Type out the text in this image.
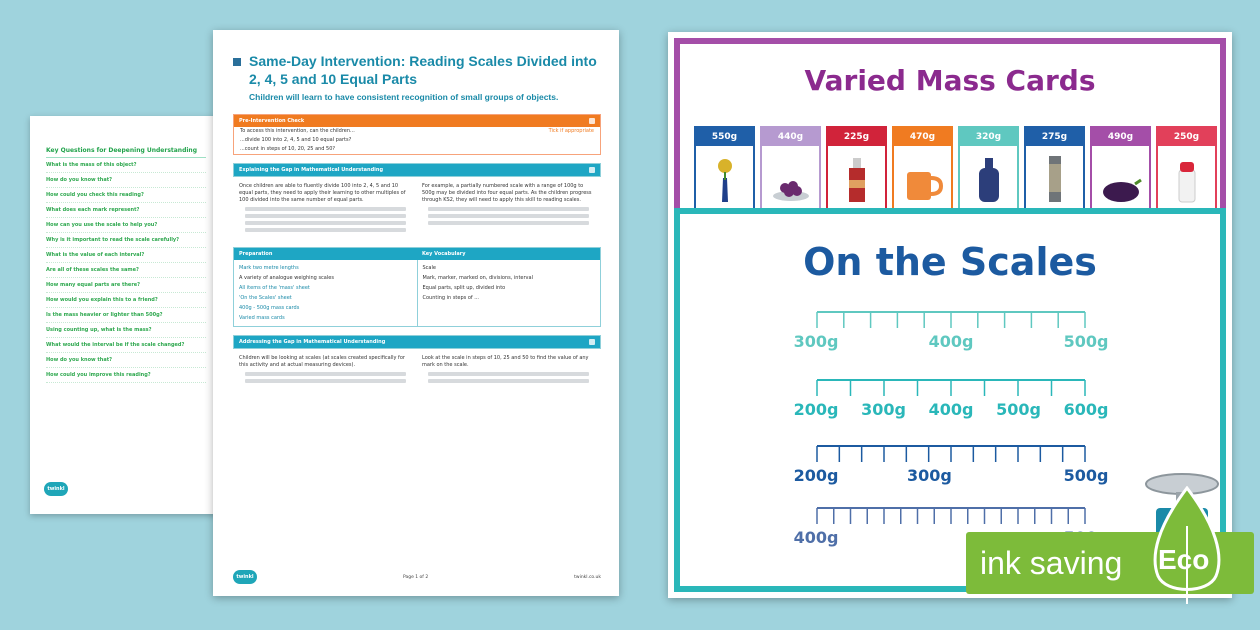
Key Questions for Deepening Understanding
What is the mass of this object?
How do you know that?
How could you check this reading?
What does each mark represent?
How can you use the scale to help you?
Why is it important to read the scale carefully?
What is the value of each interval?
Are all of these scales the same?
How many equal parts are there?
How would you explain this to a friend?
Is the mass heavier or lighter than 500g?
Using counting up, what is the mass?
What would the interval be if the scale changed?
How do you know that?
How could you improve this reading?
twinkl
Same-Day Intervention: Reading Scales Divided into 2, 4, 5 and 10 Equal Parts
Children will learn to have consistent recognition of small groups of objects.
Pre-Intervention Check
To access this intervention, can the children...	Tick if appropriate
...divide 100 into 2, 4, 5 and 10 equal parts?
...count in steps of 10, 20, 25 and 50?
Explaining the Gap in Mathematical Understanding
Once children are able to fluently divide 100 into 2, 4, 5 and 10 equal parts, they need to apply their learning to other multiples of 100 divided into the same number of equal parts.
For example, a partially numbered scale with a range of 100g to 500g may be divided into four equal parts. As the children progress through KS2, they will need to apply this skill to reading scales.
Preparation	Key Vocabulary
Mark two metre lengths
A variety of analogue weighing scales
All items of the 'mass' sheet
'On the Scales' sheet
400g - 500g mass cards
Varied mass cards
Scale
Mark, marker, marked on, divisions, interval
Equal parts, split up, divided into
Counting in steps of ...
Addressing the Gap in Mathematical Understanding
Children will be looking at scales (at scales created specifically for this activity and at actual measuring devices).
Look at the scale in steps of 10, 25 and 50 to find the value of any mark on the scale.
twinkl	Page 1 of 2	twinkl.co.uk
Varied Mass Cards
550g	440g	225g	470g	320g	275g	490g	250g
On the Scales
300g	400g	500g
200g 300g 400g 500g 600g
200g	300g	500g
400g
ink saving Eco
